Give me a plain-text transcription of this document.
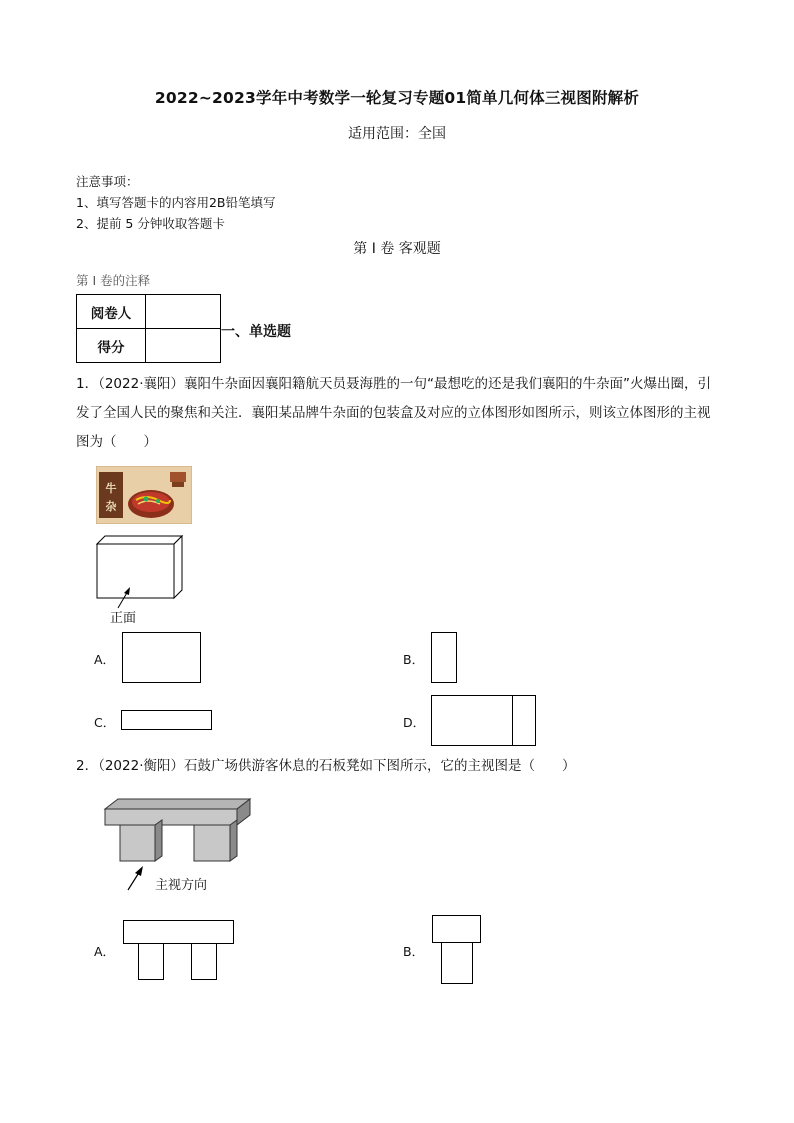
2022~2023学年中考数学一轮复习专题01简单几何体三视图附解析
适用范围：全国
注意事项：
1、填写答题卡的内容用2B铅笔填写
2、提前 5 分钟收取答题卡
第 I 卷 客观题
第 I 卷的注释
阅卷人	
得分	
一、单选题
1．（2022·襄阳）襄阳牛杂面因襄阳籍航天员聂海胜的一句“最想吃的还是我们襄阳的牛杂面”火爆出圈，引发了全国人民的聚焦和关注．襄阳某品牌牛杂面的包装盒及对应的立体图形如图所示，则该立体图形的主视图为（　　）
牛
杂
正面
A．	B．
C．	D．
2．（2022·衡阳）石鼓广场供游客休息的石板凳如下图所示，它的主视图是（　　）
主视方向
A．	B．
